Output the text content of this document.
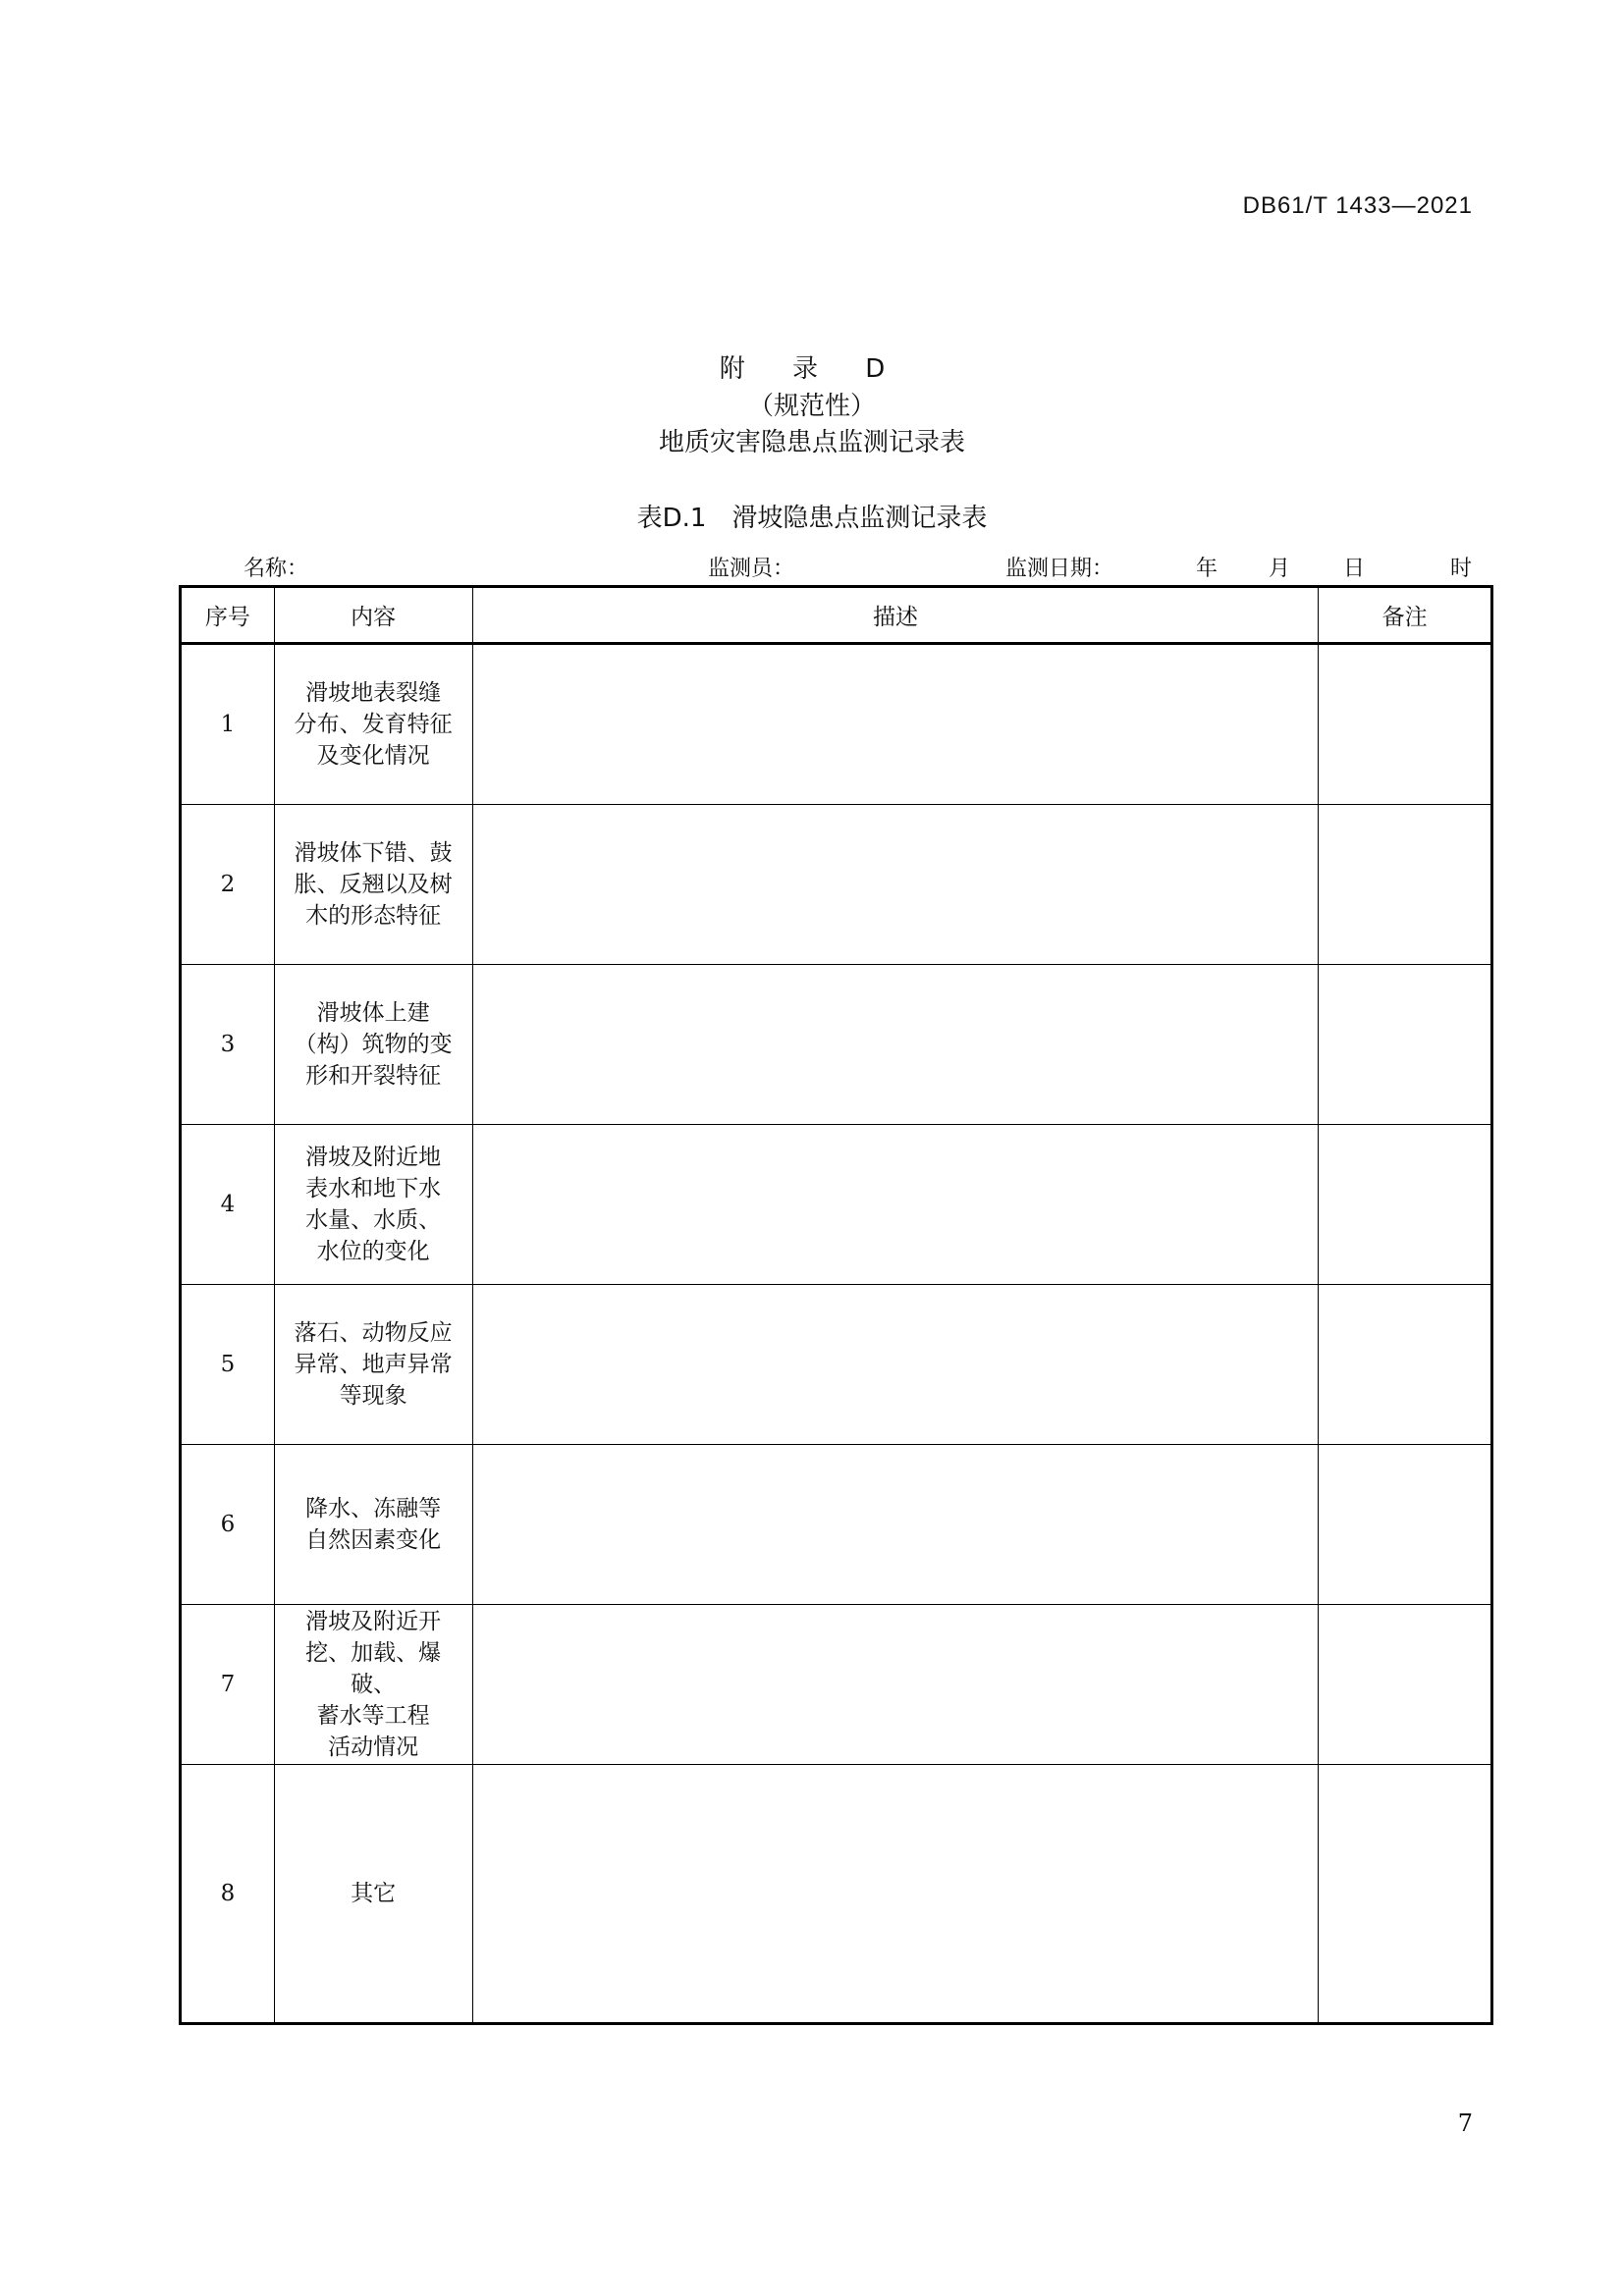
DB61/T 1433—2021
附 录 D
（规范性）
地质灾害隐患点监测记录表
表D.1　滑坡隐患点监测记录表
名称：	监测员：	监测日期：	年 月 日	时
序号	内容	描述	备注
1	滑坡地表裂缝
分布、发育特征
及变化情况		
2	滑坡体下错、鼓
胀、反翘以及树
木的形态特征		
3	滑坡体上建
（构）筑物的变
形和开裂特征		
4	滑坡及附近地
表水和地下水
水量、水质、
水位的变化		
5	落石、动物反应
异常、地声异常
等现象		
6	降水、冻融等
自然因素变化		
7	滑坡及附近开
挖、加载、爆破、
蓄水等工程
活动情况		
8	其它		
7
